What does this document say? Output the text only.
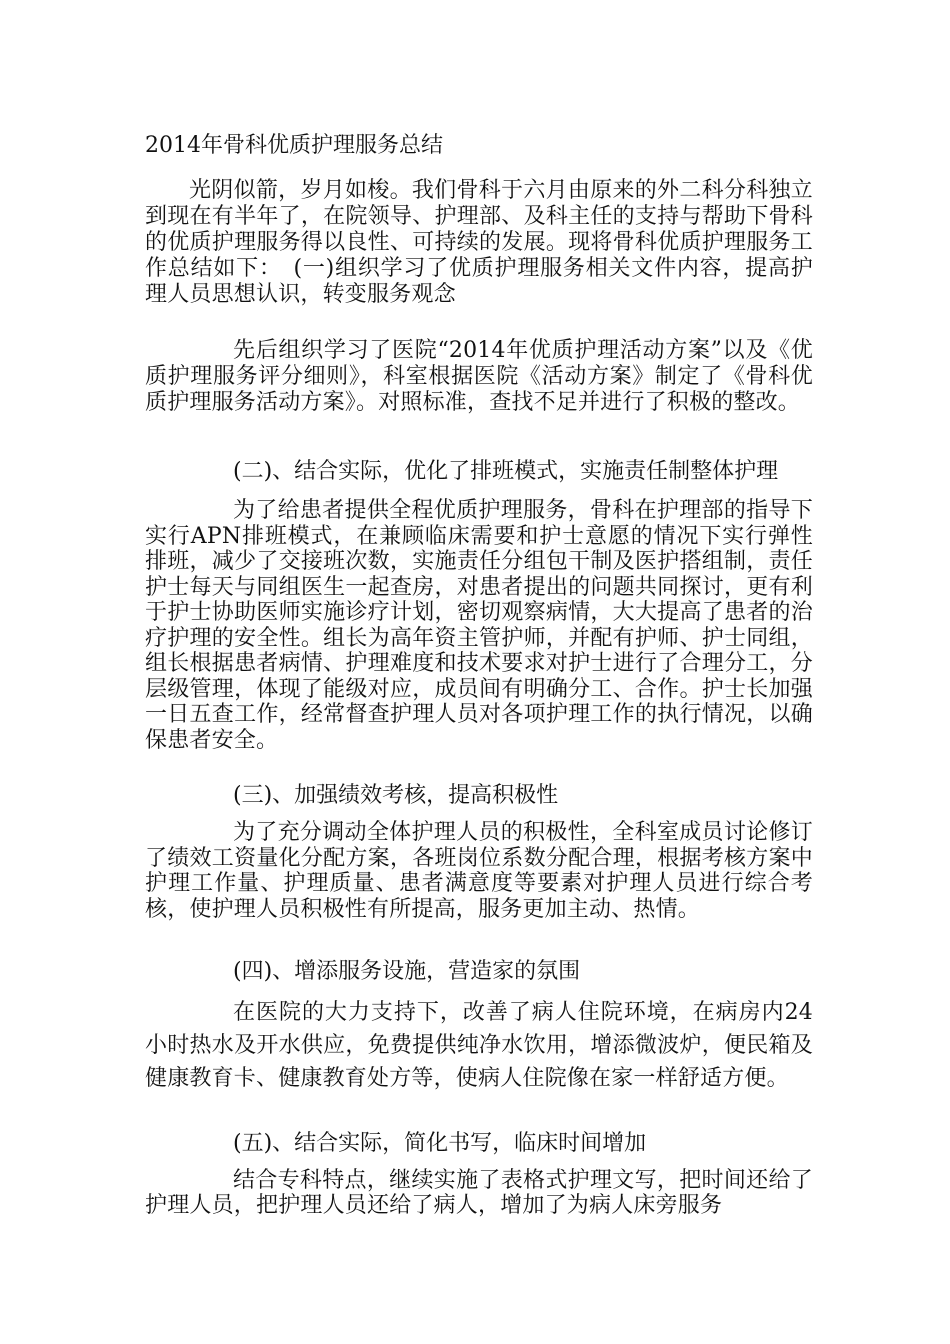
2014年骨科优质护理服务总结
光阴似箭，岁月如梭。我们骨科于六月由原来的外二科分科独立到现在有半年了，在院领导、护理部、及科主任的支持与帮助下骨科的优质护理服务得以良性、可持续的发展。现将骨科优质护理服务工作总结如下：　(一)组织学习了优质护理服务相关文件内容，提高护理人员思想认识，转变服务观念
先后组织学习了医院“2014年优质护理活动方案”以及《优质护理服务评分细则》，科室根据医院《活动方案》制定了《骨科优质护理服务活动方案》。对照标准，查找不足并进行了积极的整改。
(二)、结合实际，优化了排班模式，实施责任制整体护理
为了给患者提供全程优质护理服务，骨科在护理部的指导下实行APN排班模式，在兼顾临床需要和护士意愿的情况下实行弹性排班，减少了交接班次数，实施责任分组包干制及医护搭组制，责任护士每天与同组医生一起查房，对患者提出的问题共同探讨，更有利于护士协助医师实施诊疗计划，密切观察病情，大大提高了患者的治疗护理的安全性。组长为高年资主管护师，并配有护师、护士同组，组长根据患者病情、护理难度和技术要求对护士进行了合理分工，分层级管理，体现了能级对应，成员间有明确分工、合作。护士长加强一日五查工作，经常督查护理人员对各项护理工作的执行情况，以确保患者安全。
(三)、加强绩效考核，提高积极性
为了充分调动全体护理人员的积极性，全科室成员讨论修订了绩效工资量化分配方案，各班岗位系数分配合理，根据考核方案中护理工作量、护理质量、患者满意度等要素对护理人员进行综合考核，使护理人员积极性有所提高，服务更加主动、热情。
(四)、增添服务设施，营造家的氛围
在医院的大力支持下，改善了病人住院环境，在病房内24小时热水及开水供应，免费提供纯净水饮用，增添微波炉，便民箱及健康教育卡、健康教育处方等，使病人住院像在家一样舒适方便。
(五)、结合实际，简化书写，临床时间增加
结合专科特点，继续实施了表格式护理文写，把时间还给了护理人员，把护理人员还给了病人，增加了为病人床旁服务
